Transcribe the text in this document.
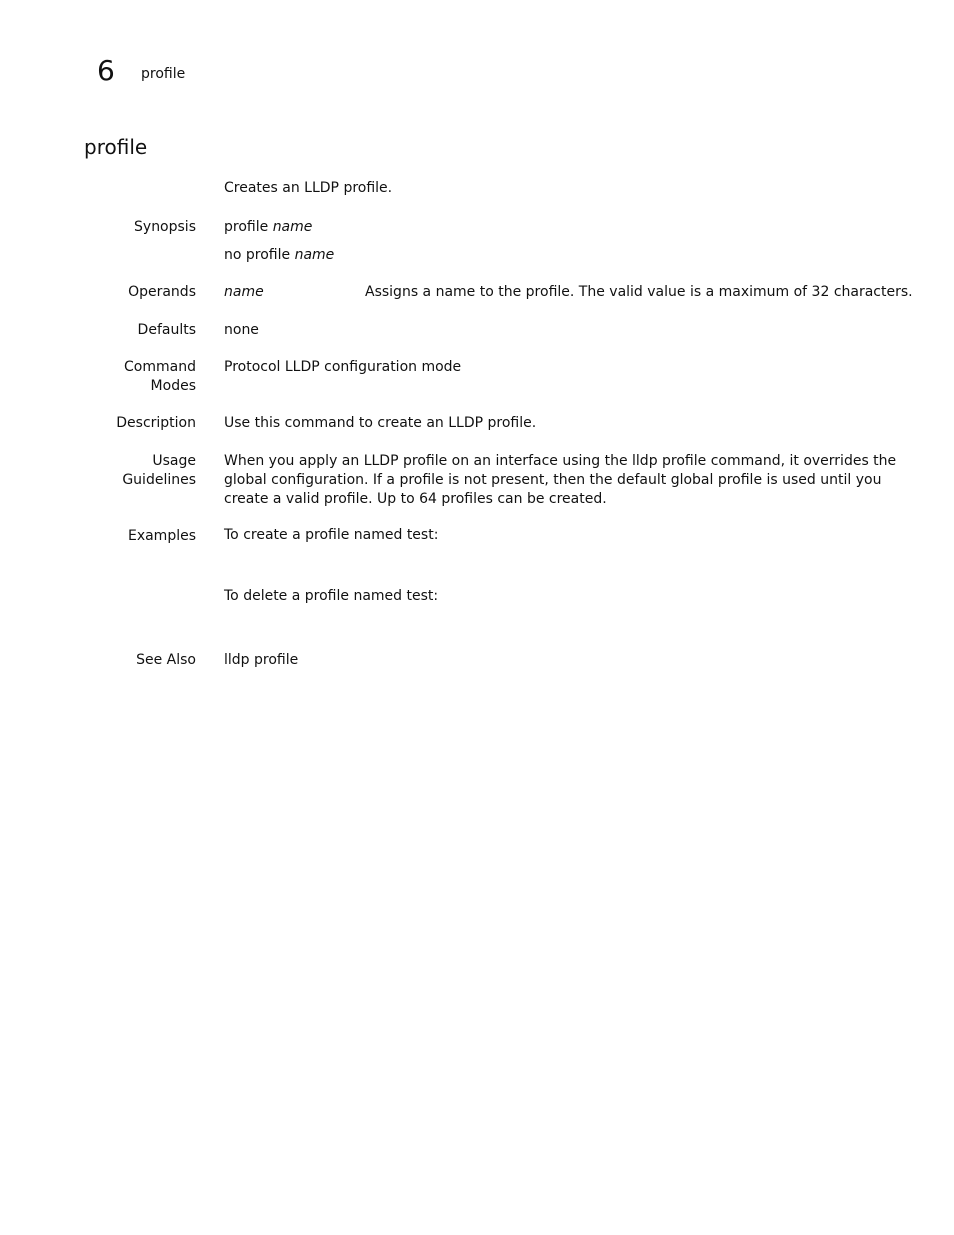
6 profile
profile
Creates an LLDP profile.
Synopsis profile name
no profile name
Operands name	Assigns a name to the profile. The valid value is a maximum of 32 characters.
Defaults none
Command
Modes
Protocol LLDP configuration mode
Description Use this command to create an LLDP profile.
Usage
Guidelines
When you apply an LLDP profile on an interface using the lldp profile command, it overrides the
global configuration. If a profile is not present, then the default global profile is used until you
create a valid profile. Up to 64 profiles can be created.
Examples To create a profile named test:
To delete a profile named test:
See Also lldp profile
